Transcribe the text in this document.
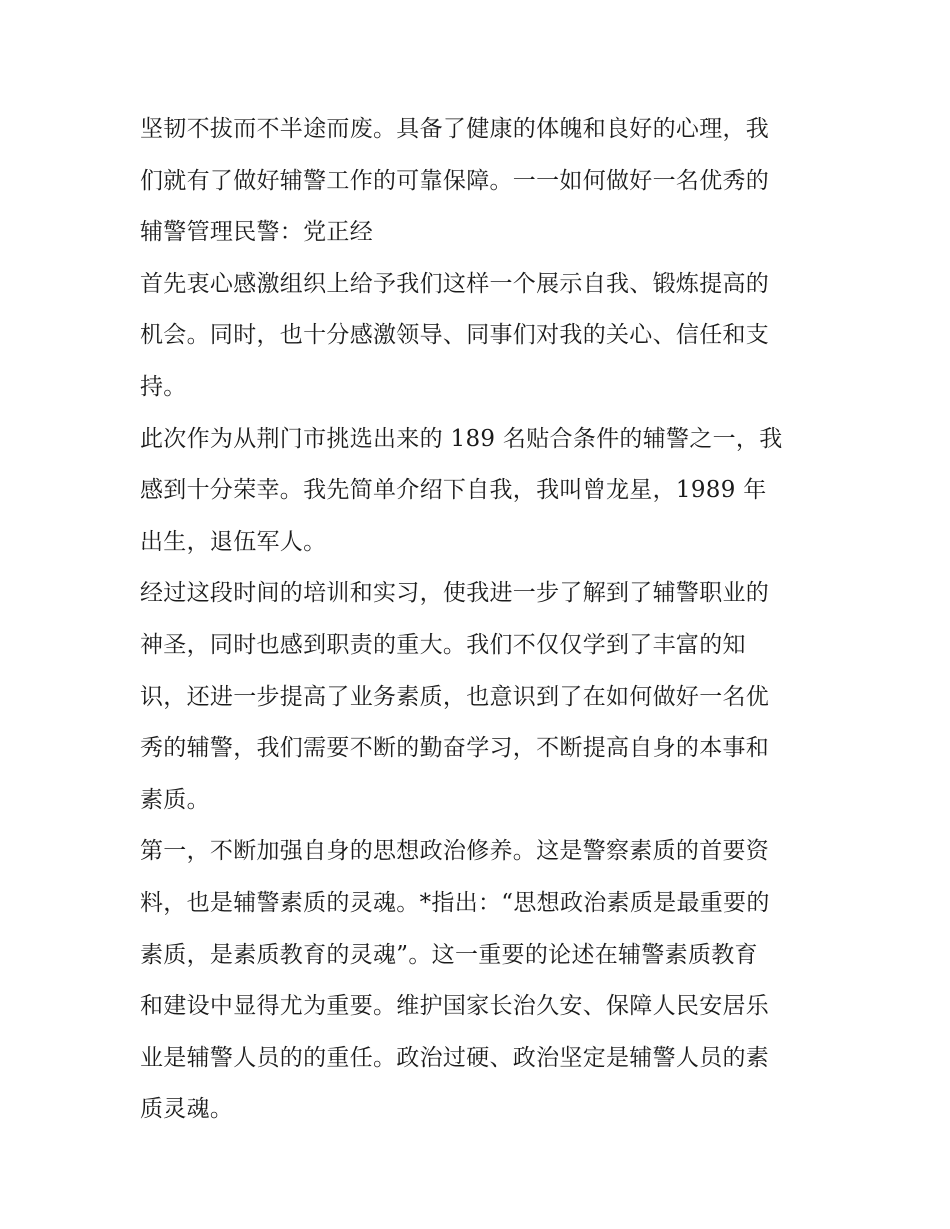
坚韧不拔而不半途而废。具备了健康的体魄和良好的心理，我
们就有了做好辅警工作的可靠保障。一一如何做好一名优秀的
辅警管理民警：党正经

首先衷心感激组织上给予我们这样一个展示自我、锻炼提高的
机会。同时，也十分感激领导、同事们对我的关心、信任和支
持。

此次作为从荆门市挑选出来的 189 名贴合条件的辅警之一，我
感到十分荣幸。我先简单介绍下自我，我叫曾龙星，1989 年
出生，退伍军人。

经过这段时间的培训和实习，使我进一步了解到了辅警职业的
神圣，同时也感到职责的重大。我们不仅仅学到了丰富的知
识，还进一步提高了业务素质，也意识到了在如何做好一名优
秀的辅警，我们需要不断的勤奋学习，不断提高自身的本事和
素质。

第一，不断加强自身的思想政治修养。这是警察素质的首要资
料，也是辅警素质的灵魂。*指出：“思想政治素质是最重要的
素质，是素质教育的灵魂”。这一重要的论述在辅警素质教育
和建设中显得尤为重要。维护国家长治久安、保障人民安居乐
业是辅警人员的的重任。政治过硬、政治坚定是辅警人员的素
质灵魂。
